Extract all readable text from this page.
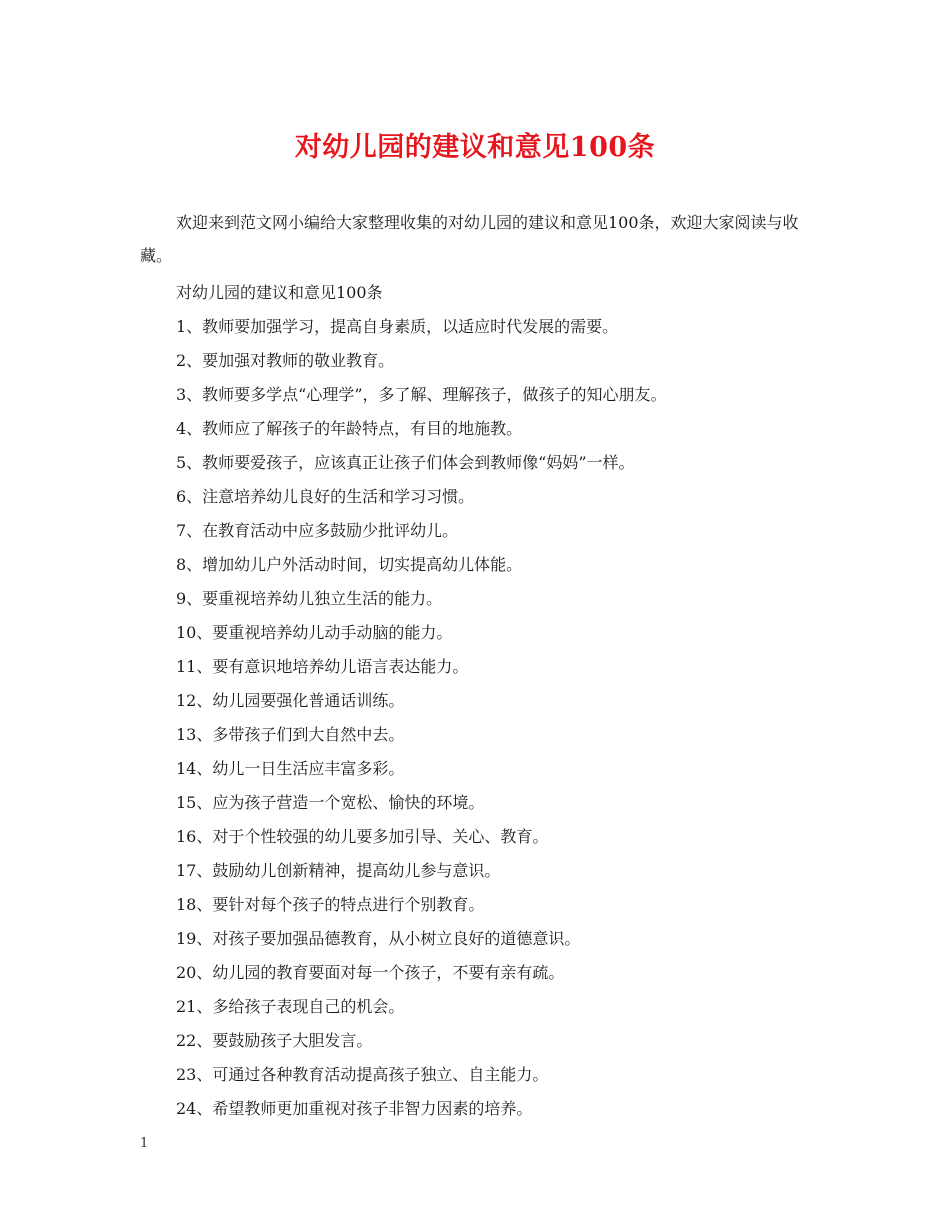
对幼儿园的建议和意见100条

欢迎来到范文网小编给大家整理收集的对幼儿园的建议和意见100条，欢迎大家阅读与收藏。

对幼儿园的建议和意见100条

1、教师要加强学习，提高自身素质，以适应时代发展的需要。
2、要加强对教师的敬业教育。
3、教师要多学点“心理学”，多了解、理解孩子，做孩子的知心朋友。
4、教师应了解孩子的年龄特点，有目的地施教。
5、教师要爱孩子，应该真正让孩子们体会到教师像“妈妈”一样。
6、注意培养幼儿良好的生活和学习习惯。
7、在教育活动中应多鼓励少批评幼儿。
8、增加幼儿户外活动时间，切实提高幼儿体能。
9、要重视培养幼儿独立生活的能力。
10、要重视培养幼儿动手动脑的能力。
11、要有意识地培养幼儿语言表达能力。
12、幼儿园要强化普通话训练。
13、多带孩子们到大自然中去。
14、幼儿一日生活应丰富多彩。
15、应为孩子营造一个宽松、愉快的环境。
16、对于个性较强的幼儿要多加引导、关心、教育。
17、鼓励幼儿创新精神，提高幼儿参与意识。
18、要针对每个孩子的特点进行个别教育。
19、对孩子要加强品德教育，从小树立良好的道德意识。
20、幼儿园的教育要面对每一个孩子，不要有亲有疏。
21、多给孩子表现自己的机会。
22、要鼓励孩子大胆发言。
23、可通过各种教育活动提高孩子独立、自主能力。
24、希望教师更加重视对孩子非智力因素的培养。
1
